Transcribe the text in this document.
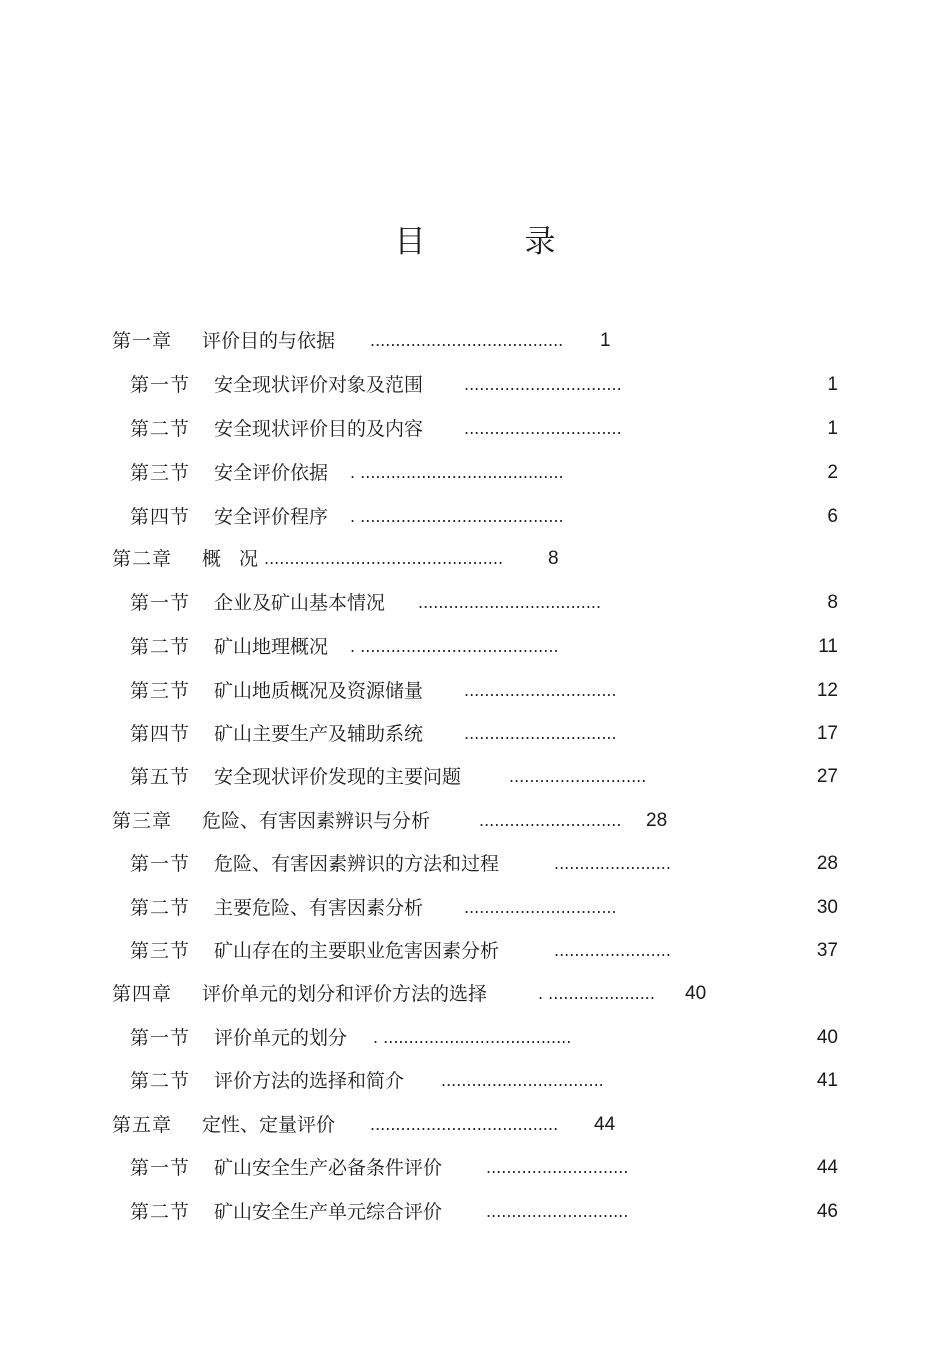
目　录
第一章 评价目的与依据 ...................................... 1
第一节 安全现状评价对象及范围	...............................	1
第二节 安全现状评价目的及内容	...............................	1
第三节 安全评价依据 . ........................................	2
第四节 安全评价程序 . ........................................	6
第二章 概 况 ............................................... 8
第一节 企业及矿山基本情况 ....................................	8
第二节 矿山地理概况 . .......................................	11
第三节 矿山地质概况及资源储量	..............................	12
第四节 矿山主要生产及辅助系统	..............................	17
第五节 安全现状评价发现的主要问题	...........................	27
第三章 危险、有害因素辨识与分析	............................ 28
第一节 危险、有害因素辨识的方法和过程	.......................	28
第二节 主要危险、有害因素分析	..............................	30
第三节 矿山存在的主要职业危害因素分析	.......................	37
第四章 评价单元的划分和评价方法的选择	. ..................... 40
第一节 评价单元的划分 . .....................................	40
第二节 评价方法的选择和简介 ................................	41
第五章 定性、定量评价 ..................................... 44
第一节 矿山安全生产必备条件评价	............................	44
第二节 矿山安全生产单元综合评价	............................	46
